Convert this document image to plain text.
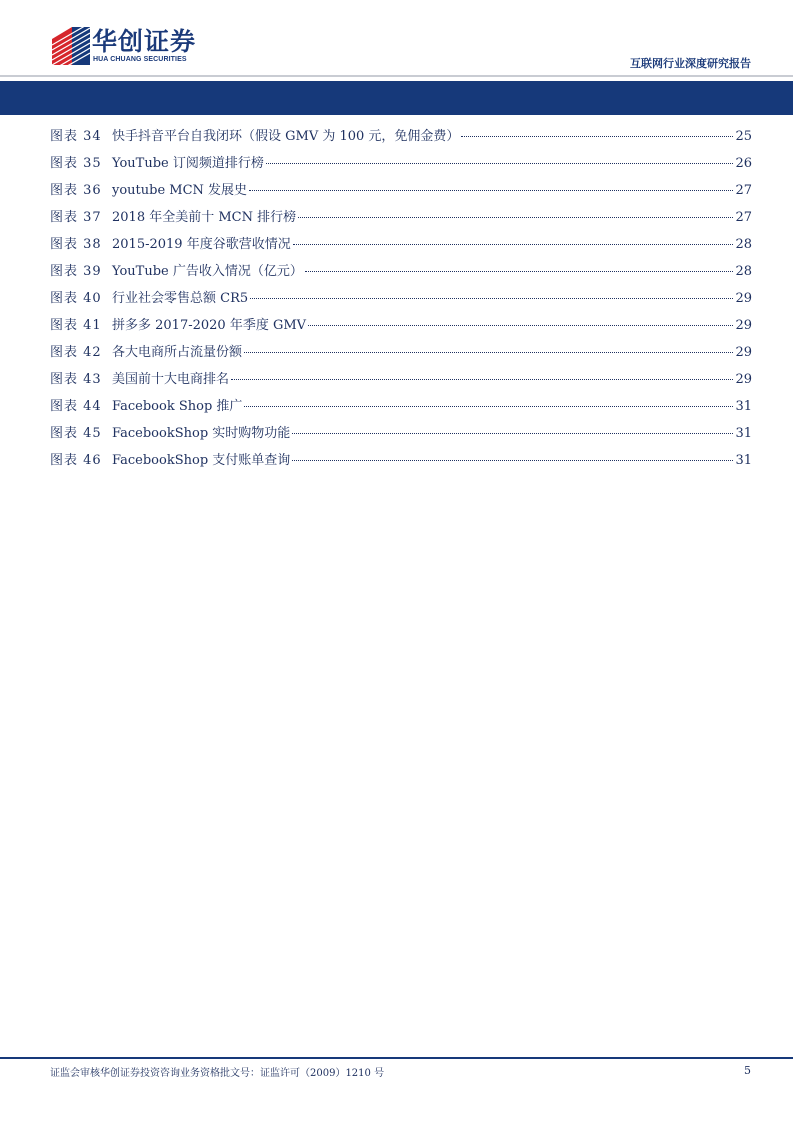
华创证券
HUA CHUANG SECURITIES	互联网行业深度研究报告
图表 34 快手抖音平台自我闭环（假设 GMV 为 100 元，免佣金费）	25
图表 35 YouTube 订阅频道排行榜	26
图表 36 youtube MCN 发展史	27
图表 37 2018 年全美前十 MCN 排行榜	27
图表 38 2015-2019 年度谷歌营收情况	28
图表 39 YouTube 广告收入情况（亿元）	28
图表 40 行业社会零售总额 CR5	29
图表 41 拼多多 2017-2020 年季度 GMV	29
图表 42 各大电商所占流量份额	29
图表 43 美国前十大电商排名	29
图表 44 Facebook Shop 推广	31
图表 45 FacebookShop 实时购物功能	31
图表 46 FacebookShop 支付账单查询	31
证监会审核华创证券投资咨询业务资格批文号：证监许可（2009）1210 号	5
